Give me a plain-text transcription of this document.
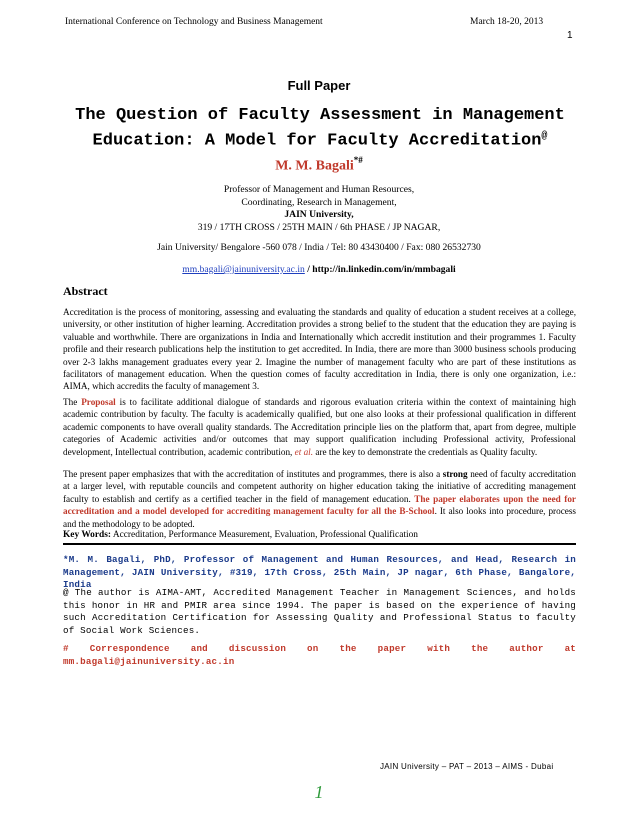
International Conference on Technology and Business Management	March 18-20, 2013
1
Full Paper
The Question of Faculty Assessment in Management
Education: A Model for Faculty Accreditation@
M. M. Bagali*#
Professor of Management and Human Resources,
Coordinating, Research in Management,
JAIN University,
319 / 17TH CROSS / 25TH MAIN / 6th PHASE / JP NAGAR,
Jain University/ Bengalore -560 078 / India / Tel: 80 43430400 / Fax: 080 26532730
mm.bagali@jainuniversity.ac.in / http://in.linkedin.com/in/mmbagali
Abstract
Accreditation is the process of monitoring, assessing and evaluating the standards and quality of education a student receives at a college, university, or other institution of higher learning. Accreditation provides a strong belief to the student that the education they are paying is valuable and worthwhile. There are organizations in India and Internationally which accredit institution and their programmes 1. Faculty profile and their research publications help the institution to get accredited. In India, there are more than 3000 business schools producing over 2-3 lakhs management graduates every year 2. Imagine the number of management faculty who are part of these institutions as facilitators of management education. When the question comes of faculty accreditation in India, there is only one organization, i.e.: AIMA, which accredits the faculty of management 3.
The Proposal is to facilitate additional dialogue of standards and rigorous evaluation criteria within the context of maintaining high academic contribution by faculty. The faculty is academically qualified, but one also looks at their professional qualification in different academic components to have overall quality standards. The Accreditation principle lies on the platform that, apart from degree, multiple categories of Academic activities and/or outcomes that may support qualification including Professional activity, Professional development, Intellectual contribution, academic contribution, et al. are the key to demonstrate the credentials as Quality faculty.
The present paper emphasizes that with the accreditation of institutes and programmes, there is also a strong need of faculty accreditation at a larger level, with reputable councils and competent authority on higher education taking the initiative of accrediting management faculty to establish and certify as a certified teacher in the field of management education. The paper elaborates upon the need for accreditation and a model developed for accrediting management faculty for all the B-School. It also looks into procedure, process and the methodology to be adopted.
Key Words: Accreditation, Performance Measurement, Evaluation, Professional Qualification
*M. M. Bagali, PhD, Professor of Management and Human Resources, and Head, Research in Management, JAIN University, #319, 17th Cross, 25th Main, JP nagar, 6th Phase, Bangalore, India
@ The author is AIMA-AMT, Accredited Management Teacher in Management Sciences, and holds this honor in HR and PMIR area since 1994. The paper is based on the experience of having such Accreditation Certification for Assessing Quality and Professional Status to faculty of Social Work Sciences.
# Correspondence and discussion on the paper with the author at mm.bagali@jainuniversity.ac.in
JAIN University – PAT – 2013 – AIMS - Dubai
1
